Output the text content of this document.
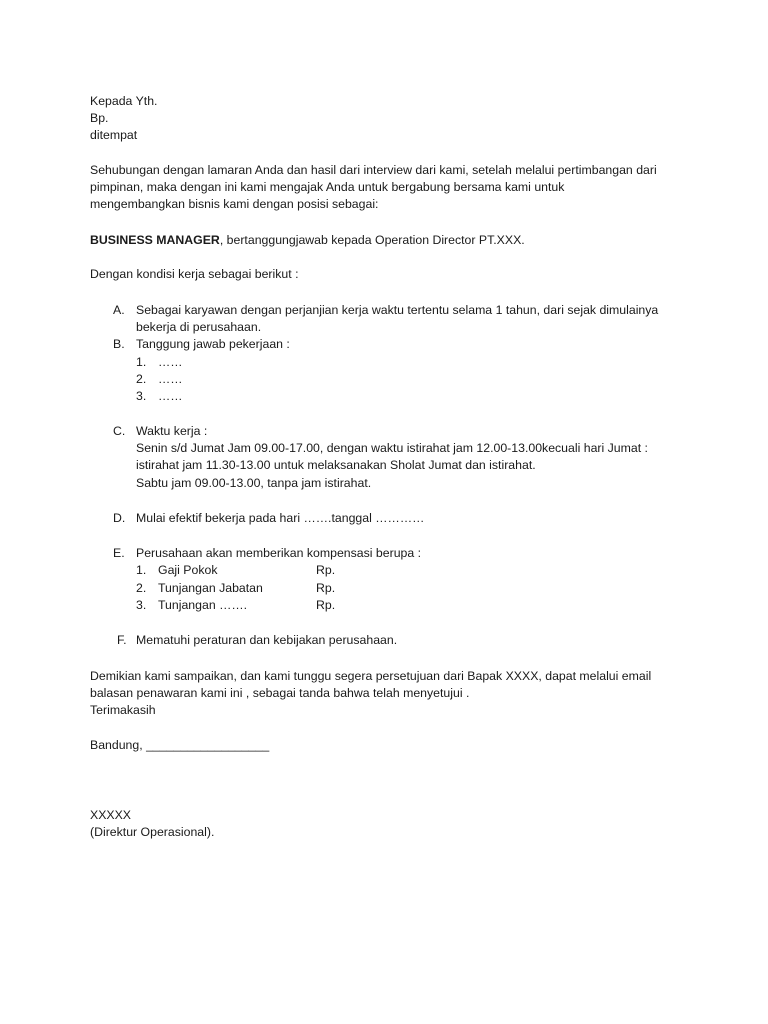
Kepada Yth.
Bp.
ditempat
Sehubungan dengan lamaran Anda dan hasil dari interview dari kami, setelah melalui pertimbangan dari
pimpinan, maka dengan ini kami mengajak Anda untuk bergabung bersama kami untuk
mengembangkan bisnis kami dengan posisi sebagai:
BUSINESS MANAGER, bertanggungjawab kepada Operation Director PT.XXX.
Dengan kondisi kerja sebagai berikut :
A. Sebagai karyawan dengan perjanjian kerja waktu tertentu selama 1 tahun, dari sejak dimulainya
bekerja di perusahaan.
B. Tanggung jawab pekerjaan :
1. ……
2. ……
3. ……
C. Waktu kerja :
Senin s/d Jumat Jam 09.00-17.00, dengan waktu istirahat jam 12.00-13.00kecuali hari Jumat :
istirahat jam 11.30-13.00 untuk melaksanakan Sholat Jumat dan istirahat.
Sabtu jam 09.00-13.00, tanpa jam istirahat.
D. Mulai efektif bekerja pada hari …….tanggal …………
E. Perusahaan akan memberikan kompensasi berupa :
1. Gaji Pokok	Rp.
2. Tunjangan Jabatan	Rp.
3. Tunjangan …….	Rp.
F. Mematuhi peraturan dan kebijakan perusahaan.
Demikian kami sampaikan, dan kami tunggu segera persetujuan dari Bapak XXXX, dapat melalui email
balasan penawaran kami ini , sebagai tanda bahwa telah menyetujui .
Terimakasih
Bandung, __________________
XXXXX
(Direktur Operasional).
